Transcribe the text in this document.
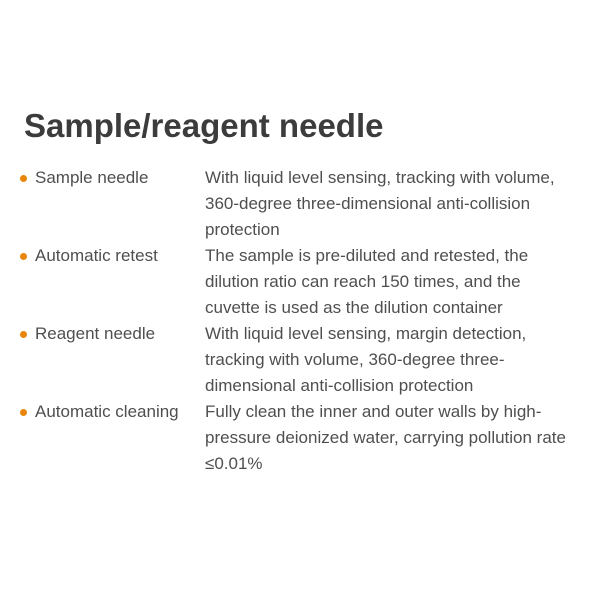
Sample/reagent needle
Sample needle	With liquid level sensing, tracking with volume, 360-degree three-dimensional anti-collision protection
Automatic retest	The sample is pre-diluted and retested, the dilution ratio can reach 150 times, and the cuvette is used as the dilution container
Reagent needle	With liquid level sensing, margin detection, tracking with volume, 360-degree three-dimensional anti-collision protection
Automatic cleaning	Fully clean the inner and outer walls by high-pressure deionized water, carrying pollution rate ≤0.01%
